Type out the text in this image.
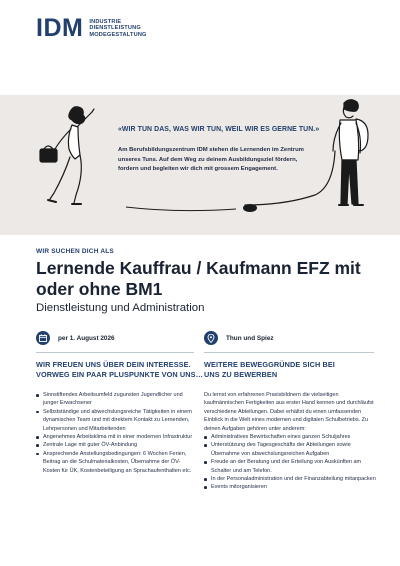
IDM INDUSTRIE
DIENSTLEISTUNG
MODEGESTALTUNG
«WIR TUN DAS, WAS WIR TUN, WEIL WIR ES GERNE TUN.»
Am Berufsbildungszentrum IDM stehen die Lernenden im Zentrum unseres Tuns. Auf dem Weg zu deinem Ausbildungsziel fördern, fordern und begleiten wir dich mit grossem Engagement.
WIR SUCHEN DICH ALS
Lernende Kauffrau / Kaufmann EFZ mit oder ohne BM1
Dienstleistung und Administration
per 1. August 2026	Thun und Spiez
WIR FREUEN UNS ÜBER DEIN INTERESSE.
VORWEG EIN PAAR PLUSPUNKTE VON UNS…
WEITERE BEWEGGRÜNDE SICH BEI
UNS ZU BEWERBEN
Sinnstiftendes Arbeitsumfeld zugunsten Jugendlicher und junger Erwachsener
Selbstständige und abwechslungsreiche Tätigkeiten in einem dynamischen Team und mit direktem Kontakt zu Lernenden, Lehrpersonen und Mitarbeitenden
Angenehmes Arbeitsklima mit in einer modernen Infrastruktur
Zentrale Lage mit guter ÖV-Anbindung
Ansprechende Anstellungsbedingungen: 6 Wochen Ferien, Beitrag an die Schulmaterialkosten, Übernahme der ÖV-Kosten für ÜK, Kostenbeteiligung an Sprachaufenthalten etc.

Du lernst von erfahrenen Praxisbildnern die vielseitigen kaufmännischen Fertigkeiten aus erster Hand kennen und durchläufst verschiedene Abteilungen. Dabei erhältst du einen umfassenden Einblick in die Welt eines modernen und digitalen Schulbetriebs. Zu deinen Aufgaben gehören unter anderem:

Administratives Bewirtschaften eines ganzen Schuljahres
Unterstützung des Tagesgeschäfts der Abteilungen sowie Übernahme von abwechslungsreichen Aufgaben
Freude an der Beratung und der Erteilung von Auskünften am Schalter und am Telefon.
In der Personaladministration und der Finanzabteilung mitanpacken
Events mitorganisieren
